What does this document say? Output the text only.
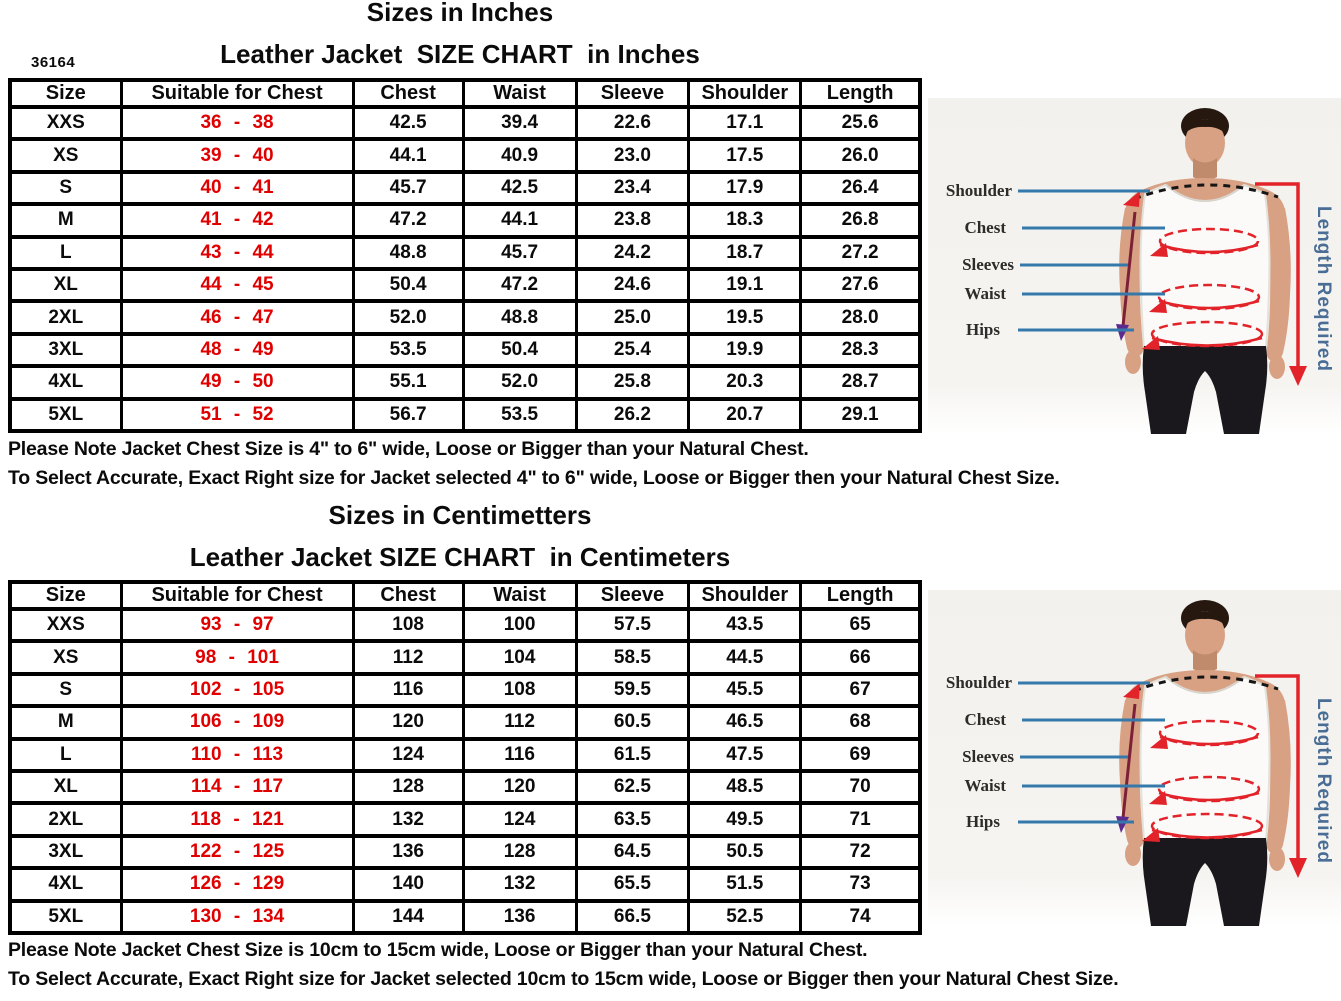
Sizes in Inches
36164	Leather Jacket  SIZE CHART  in Inches
Size	Suitable for Chest	Chest	Waist	Sleeve	Shoulder	Length
XXS	36 - 38	42.5	39.4	22.6	17.1	25.6
XS	39 - 40	44.1	40.9	23.0	17.5	26.0
S	40 - 41	45.7	42.5	23.4	17.9	26.4
M	41 - 42	47.2	44.1	23.8	18.3	26.8
L	43 - 44	48.8	45.7	24.2	18.7	27.2
XL	44 - 45	50.4	47.2	24.6	19.1	27.6
2XL	46 - 47	52.0	48.8	25.0	19.5	28.0
3XL	48 - 49	53.5	50.4	25.4	19.9	28.3
4XL	49 - 50	55.1	52.0	25.8	20.3	28.7
5XL	51 - 52	56.7	53.5	26.2	20.7	29.1
Please Note Jacket Chest Size is 4" to 6" wide, Loose or Bigger than your Natural Chest.
To Select Accurate, Exact Right size for Jacket selected 4" to 6" wide, Loose or Bigger then your Natural Chest Size.
Sizes in Centimetters
Leather Jacket SIZE CHART  in Centimeters
Size	Suitable for Chest	Chest	Waist	Sleeve	Shoulder	Length
XXS	93 - 97	108	100	57.5	43.5	65
XS	98 - 101	112	104	58.5	44.5	66
S	102 - 105	116	108	59.5	45.5	67
M	106 - 109	120	112	60.5	46.5	68
L	110 - 113	124	116	61.5	47.5	69
XL	114 - 117	128	120	62.5	48.5	70
2XL	118 - 121	132	124	63.5	49.5	71
3XL	122 - 125	136	128	64.5	50.5	72
4XL	126 - 129	140	132	65.5	51.5	73
5XL	130 - 134	144	136	66.5	52.5	74
Please Note Jacket Chest Size is 10cm to 15cm wide, Loose or Bigger than your Natural Chest.
To Select Accurate, Exact Right size for Jacket selected 10cm to 15cm wide, Loose or Bigger then your Natural Chest Size.
Shoulder
Chest
Sleeves
Waist
Hips	Length Required
Shoulder
Chest
Sleeves
Waist
Hips	Length Required
